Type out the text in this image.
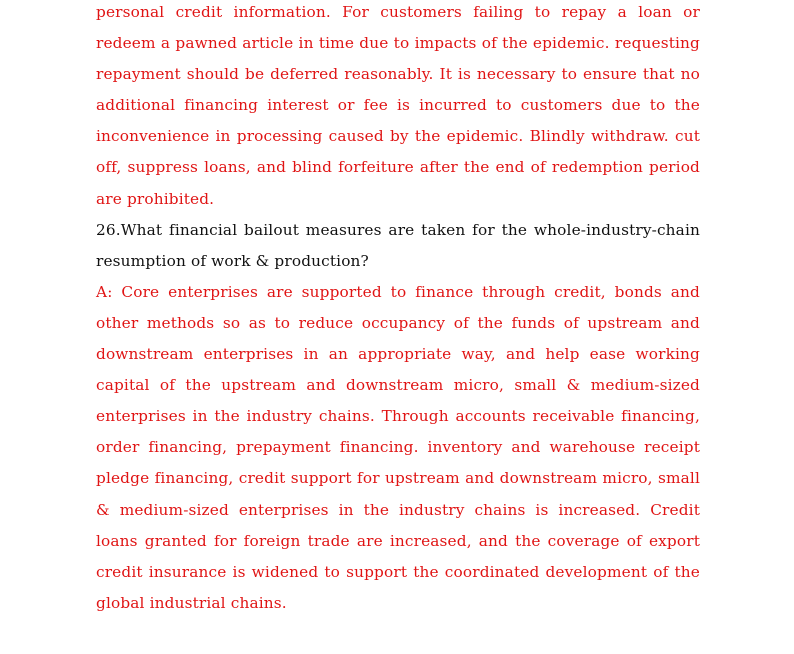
personal credit information. For customers failing to repay a loan or redeem a pawned article in time due to impacts of the epidemic. requesting repayment should be deferred reasonably. It is necessary to ensure that no additional financing interest or fee is incurred to customers due to the inconvenience in processing caused by the epidemic. Blindly withdraw. cut off, suppress loans, and blind forfeiture after the end of redemption period are prohibited.

26.What financial bailout measures are taken for the whole-industry-chain resumption of work & production?

A: Core enterprises are supported to finance through credit, bonds and other methods so as to reduce occupancy of the funds of upstream and downstream enterprises in an appropriate way, and help ease working capital of the upstream and downstream micro, small & medium-sized enterprises in the industry chains. Through accounts receivable financing, order financing, prepayment financing. inventory and warehouse receipt pledge financing, credit support for upstream and downstream micro, small & medium-sized enterprises in the industry chains is increased. Credit loans granted for foreign trade are increased, and the coverage of export credit insurance is widened to support the coordinated development of the global industrial chains.
